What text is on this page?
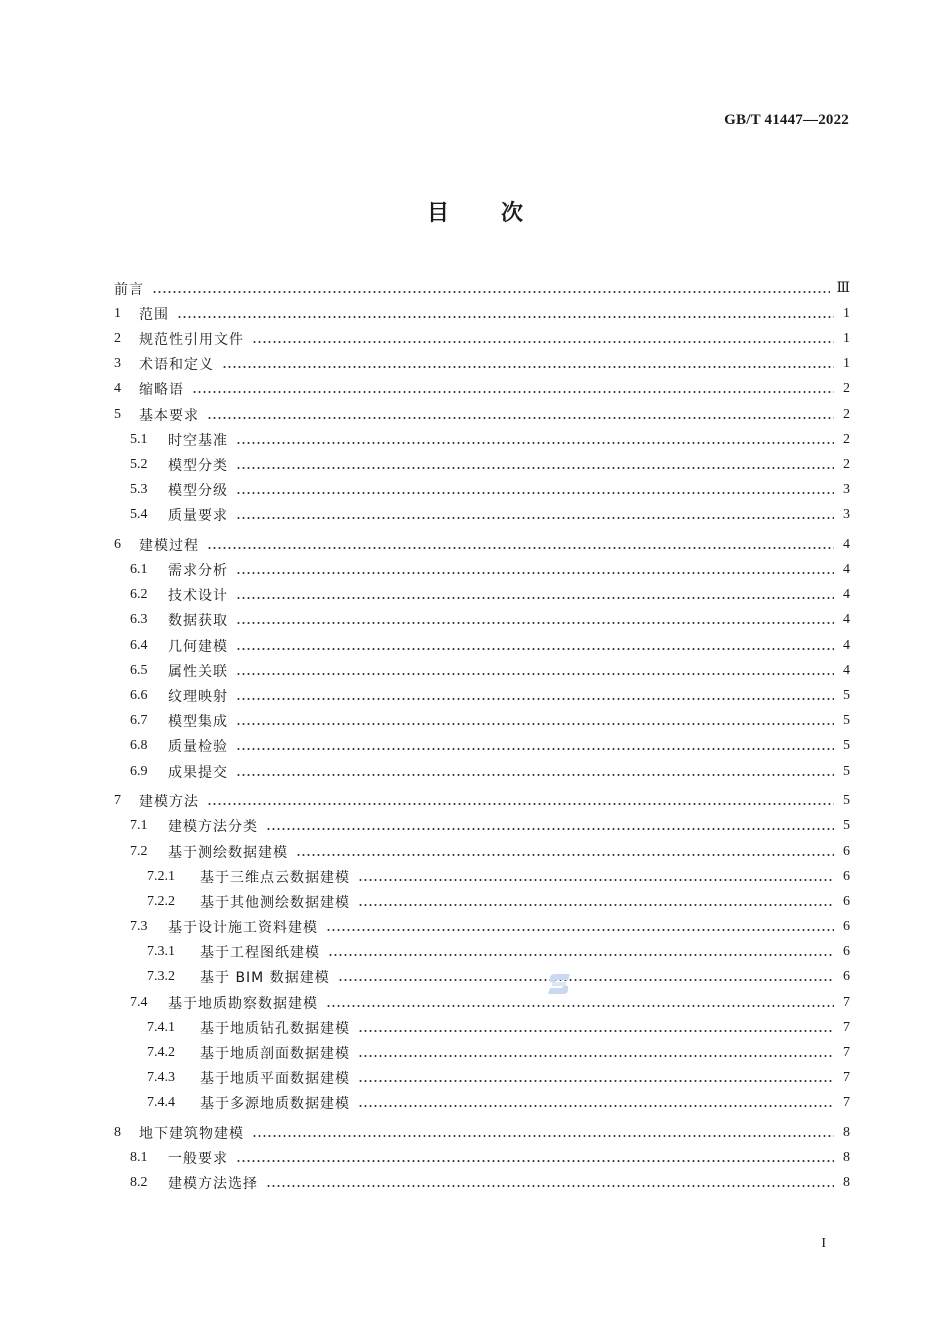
GB/T 41447—2022
目次
前言	Ⅲ
1	范围	1
2	规范性引用文件	1
3	术语和定义	1
4	缩略语	2
5	基本要求	2
5.1	时空基准	2
5.2	模型分类	2
5.3	模型分级	3
5.4	质量要求	3
6	建模过程	4
6.1	需求分析	4
6.2	技术设计	4
6.3	数据获取	4
6.4	几何建模	4
6.5	属性关联	4
6.6	纹理映射	5
6.7	模型集成	5
6.8	质量检验	5
6.9	成果提交	5
7	建模方法	5
7.1	建模方法分类	5
7.2	基于测绘数据建模	6
7.2.1	基于三维点云数据建模	6
7.2.2	基于其他测绘数据建模	6
7.3	基于设计施工资料建模	6
7.3.1	基于工程图纸建模	6
7.3.2	基于 BIM 数据建模	6
7.4	基于地质勘察数据建模	7
7.4.1	基于地质钻孔数据建模	7
7.4.2	基于地质剖面数据建模	7
7.4.3	基于地质平面数据建模	7
7.4.4	基于多源地质数据建模	7
8	地下建筑物建模	8
8.1	一般要求	8
8.2	建模方法选择	8
I
